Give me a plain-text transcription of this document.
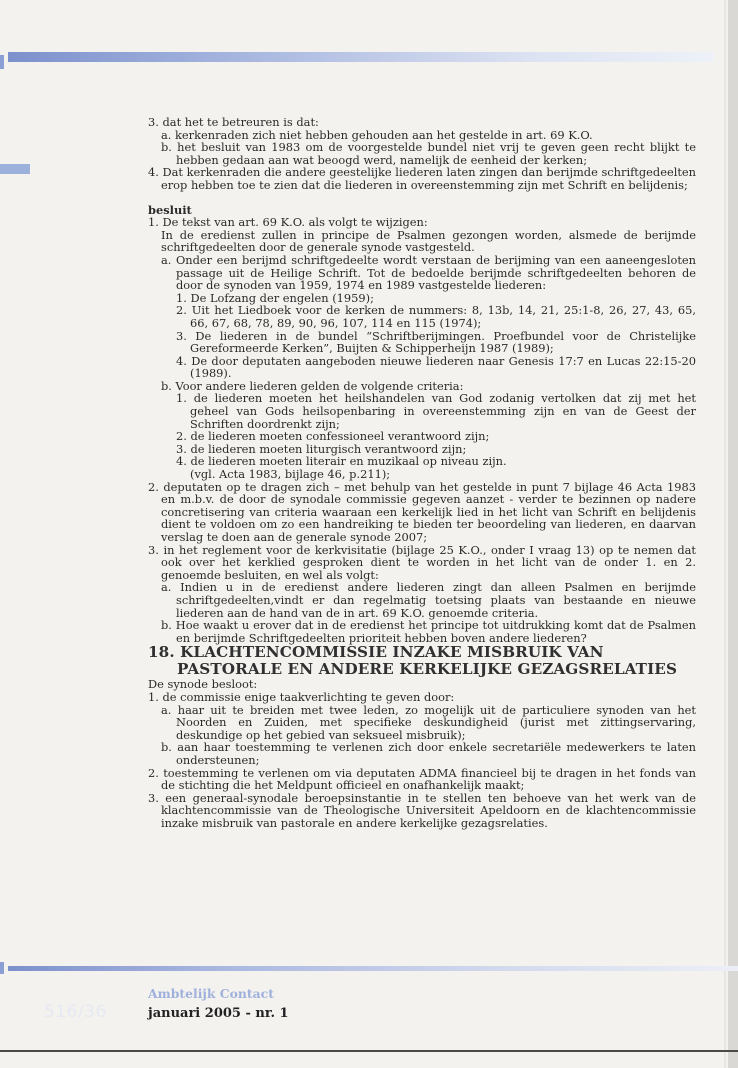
3. dat het te betreuren is dat:

a. kerkenraden zich niet hebben gehouden aan het gestelde in art. 69 K.O.

b. het besluit van 1983 om de voorgestelde bundel niet vrij te geven geen recht blijkt te hebben gedaan aan wat beoogd werd, namelijk de eenheid der kerken;

4. Dat kerkenraden die andere geestelijke liederen laten zingen dan berijmde schriftgedeelten erop hebben toe te zien dat die liederen in overeenstemming zijn met Schrift en belijdenis;

besluit

1. De tekst van art. 69 K.O. als volgt te wijzigen:

In de eredienst zullen in principe de Psalmen gezongen worden, alsmede de berijmde schriftgedeelten door de generale synode vastgesteld.

a. Onder een berijmd schriftgedeelte wordt verstaan de berijming van een aaneengesloten passage uit de Heilige Schrift. Tot de bedoelde berijmde schriftgedeelten behoren de door de synoden van 1959, 1974 en 1989 vastgestelde liederen:

1. De Lofzang der engelen (1959);

2. Uit het Liedboek voor de kerken de nummers: 8, 13b, 14, 21, 25:1-8, 26, 27, 43, 65, 66, 67, 68, 78, 89, 90, 96, 107, 114 en 115 (1974);

3. De liederen in de bundel “Schriftberijmingen. Proefbundel voor de Christelijke Gereformeerde Kerken”, Buijten & Schipperheijn 1987 (1989);

4. De door deputaten aangeboden nieuwe liederen naar Genesis 17:7 en Lucas 22:15-20 (1989).

b. Voor andere liederen gelden de volgende criteria:

1. de liederen moeten het heilshandelen van God zodanig vertolken dat zij met het geheel van Gods heilsopenbaring in overeenstemming zijn en van de Geest der Schriften doordrenkt zijn;

2. de liederen moeten confessioneel verantwoord zijn;

3. de liederen moeten liturgisch verantwoord zijn;

4. de liederen moeten literair en muzikaal op niveau zijn.

(vgl. Acta 1983, bijlage 46, p.211);

2. deputaten op te dragen zich – met behulp van het gestelde in punt 7 bijlage 46 Acta 1983 en m.b.v. de door de synodale commissie gegeven aanzet - verder te bezinnen op nadere concretisering van criteria waaraan een kerkelijk lied in het licht van Schrift en belijdenis dient te voldoen om zo een handreiking te bieden ter beoordeling van liederen, en daarvan verslag te doen aan de generale synode 2007;

3. in het reglement voor de kerkvisitatie (bijlage 25 K.O., onder I vraag 13) op te nemen dat ook over het kerklied gesproken dient te worden in het licht van de onder 1. en 2. genoemde besluiten, en wel als volgt:

a. Indien u in de eredienst andere liederen zingt dan alleen Psalmen en berijmde schriftgedeelten,vindt er dan regelmatig toetsing plaats van bestaande en nieuwe liederen aan de hand van de in art. 69 K.O. genoemde criteria.

b. Hoe waakt u erover dat in de eredienst het principe tot uitdrukking komt dat de Psalmen en berijmde Schriftgedeelten prioriteit hebben boven andere liederen?

18. KLACHTENCOMMISSIE INZAKE MISBRUIK VAN PASTORALE EN ANDERE KERKELIJKE GEZAGSRELATIES

De synode besloot:

1. de commissie enige taakverlichting te geven door:

a. haar uit te breiden met twee leden, zo mogelijk uit de particuliere synoden van het Noorden en Zuiden, met specifieke deskundigheid (jurist met zittingservaring, deskundige op het gebied van seksueel misbruik);

b. aan haar toestemming te verlenen zich door enkele secretariële medewerkers te laten ondersteunen;

2. toestemming te verlenen om via deputaten ADMA financieel bij te dragen in het fonds van de stichting die het Meldpunt officieel en onafhankelijk maakt;

3. een generaal-synodale beroepsinstantie in te stellen ten behoeve van het werk van de klachtencommissie van de Theologische Universiteit Apeldoorn en de klachtencommissie inzake misbruik van pastorale en andere kerkelijke gezagsrelaties.

516/36
Ambtelijk Contact
januari 2005 - nr. 1
